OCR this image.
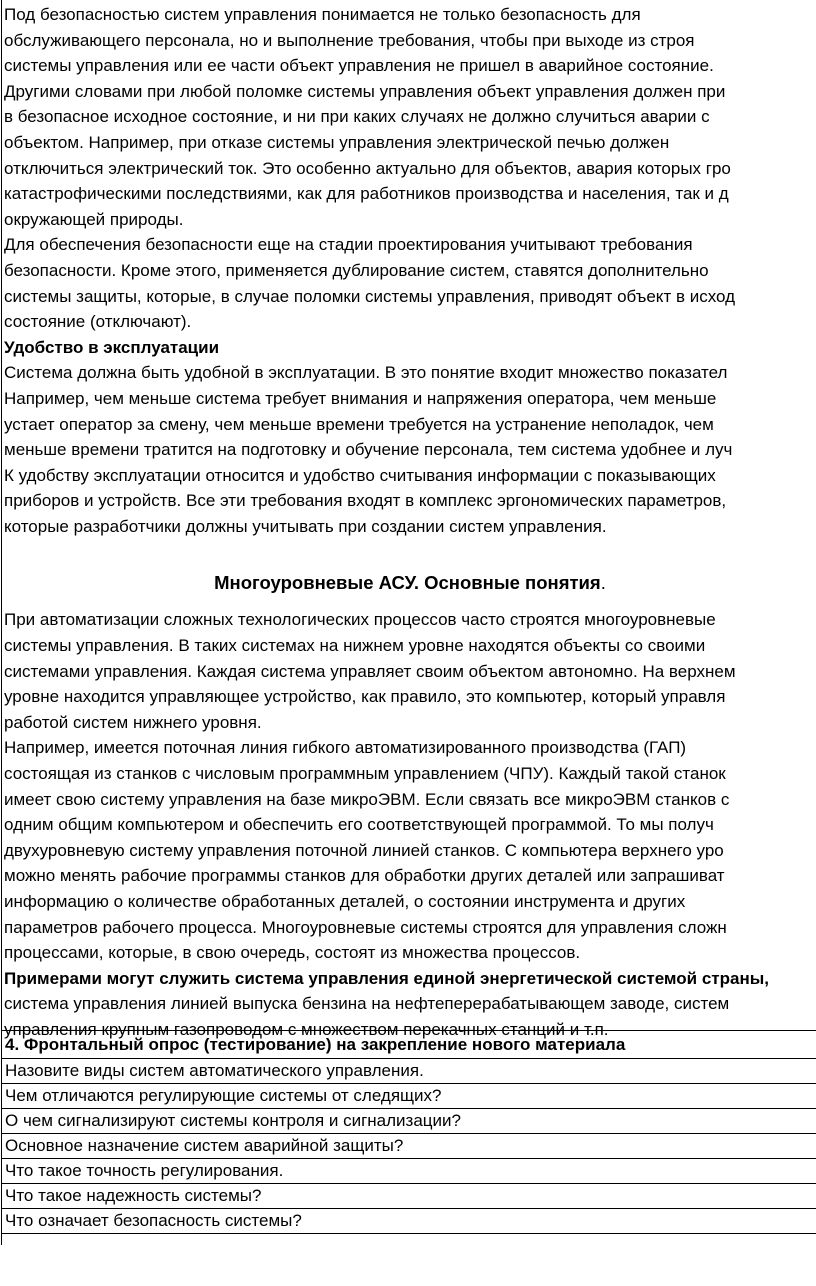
Под безопасностью систем управления понимается не только безопасность для
обслуживающего персонала, но и выполнение требования, чтобы при выходе из строя
системы управления или ее части объект управления не пришел в аварийное состояние.
Другими словами при любой поломке системы управления объект управления должен при
в безопасное исходное состояние, и ни при каких случаях не должно случиться аварии с
объектом. Например, при отказе системы управления электрической печью должен
отключиться электрический ток. Это особенно актуально для объектов, авария которых гро
катастрофическими последствиями, как для работников производства и населения, так и д
окружающей природы.
Для обеспечения безопасности еще на стадии проектирования учитывают требования
безопасности. Кроме этого, применяется дублирование систем, ставятся дополнительно
системы защиты, которые, в случае поломки системы управления, приводят объект в исход
состояние (отключают).
Удобство в эксплуатации
Система должна быть удобной в эксплуатации. В это понятие входит множество показател
Например, чем меньше система требует внимания и напряжения оператора, чем меньше
устает оператор за смену, чем меньше времени требуется на устранение неполадок, чем
меньше времени тратится на подготовку и обучение персонала, тем система удобнее и луч
К удобству эксплуатации относится и удобство считывания информации с показывающих
приборов и устройств. Все эти требования входят в комплекс эргономических параметров,
которые разработчики должны учитывать при создании систем управления.
Многоуровневые АСУ. Основные понятия.
При автоматизации сложных технологических процессов часто строятся многоуровневые
системы управления. В таких системах на нижнем уровне находятся объекты со своими
системами управления. Каждая система управляет своим объектом автономно. На верхнем
уровне находится управляющее устройство, как правило, это компьютер, который управля
работой систем нижнего уровня.
Например, имеется поточная линия гибкого автоматизированного производства (ГАП)
состоящая из станков с числовым программным управлением (ЧПУ). Каждый такой станок
имеет свою систему управления на базе микроЭВМ. Если связать все микроЭВМ станков с
одним общим компьютером и обеспечить его соответствующей программой. То мы получ
двухуровневую систему управления поточной линией станков. С компьютера верхнего уро
можно менять рабочие программы станков для обработки других деталей или запрашиват
информацию о количестве обработанных деталей, о состоянии инструмента и других
параметров рабочего процесса. Многоуровневые системы строятся для управления сложн
процессами, которые, в свою очередь, состоят из множества процессов.
Примерами могут служить система управления единой энергетической системой страны,
система управления линией выпуска бензина на нефтеперерабатывающем заводе, систем
управления крупным газопроводом с множеством перекачных станций и т.п.
4. Фронтальный опрос (тестирование) на закрепление нового материала
Назовите виды систем автоматического управления.
Чем отличаются регулирующие системы от следящих?
О чем сигнализируют системы контроля и сигнализации?
Основное назначение систем аварийной защиты?
Что такое точность регулирования.
Что такое надежность системы?
Что означает безопасность системы?
